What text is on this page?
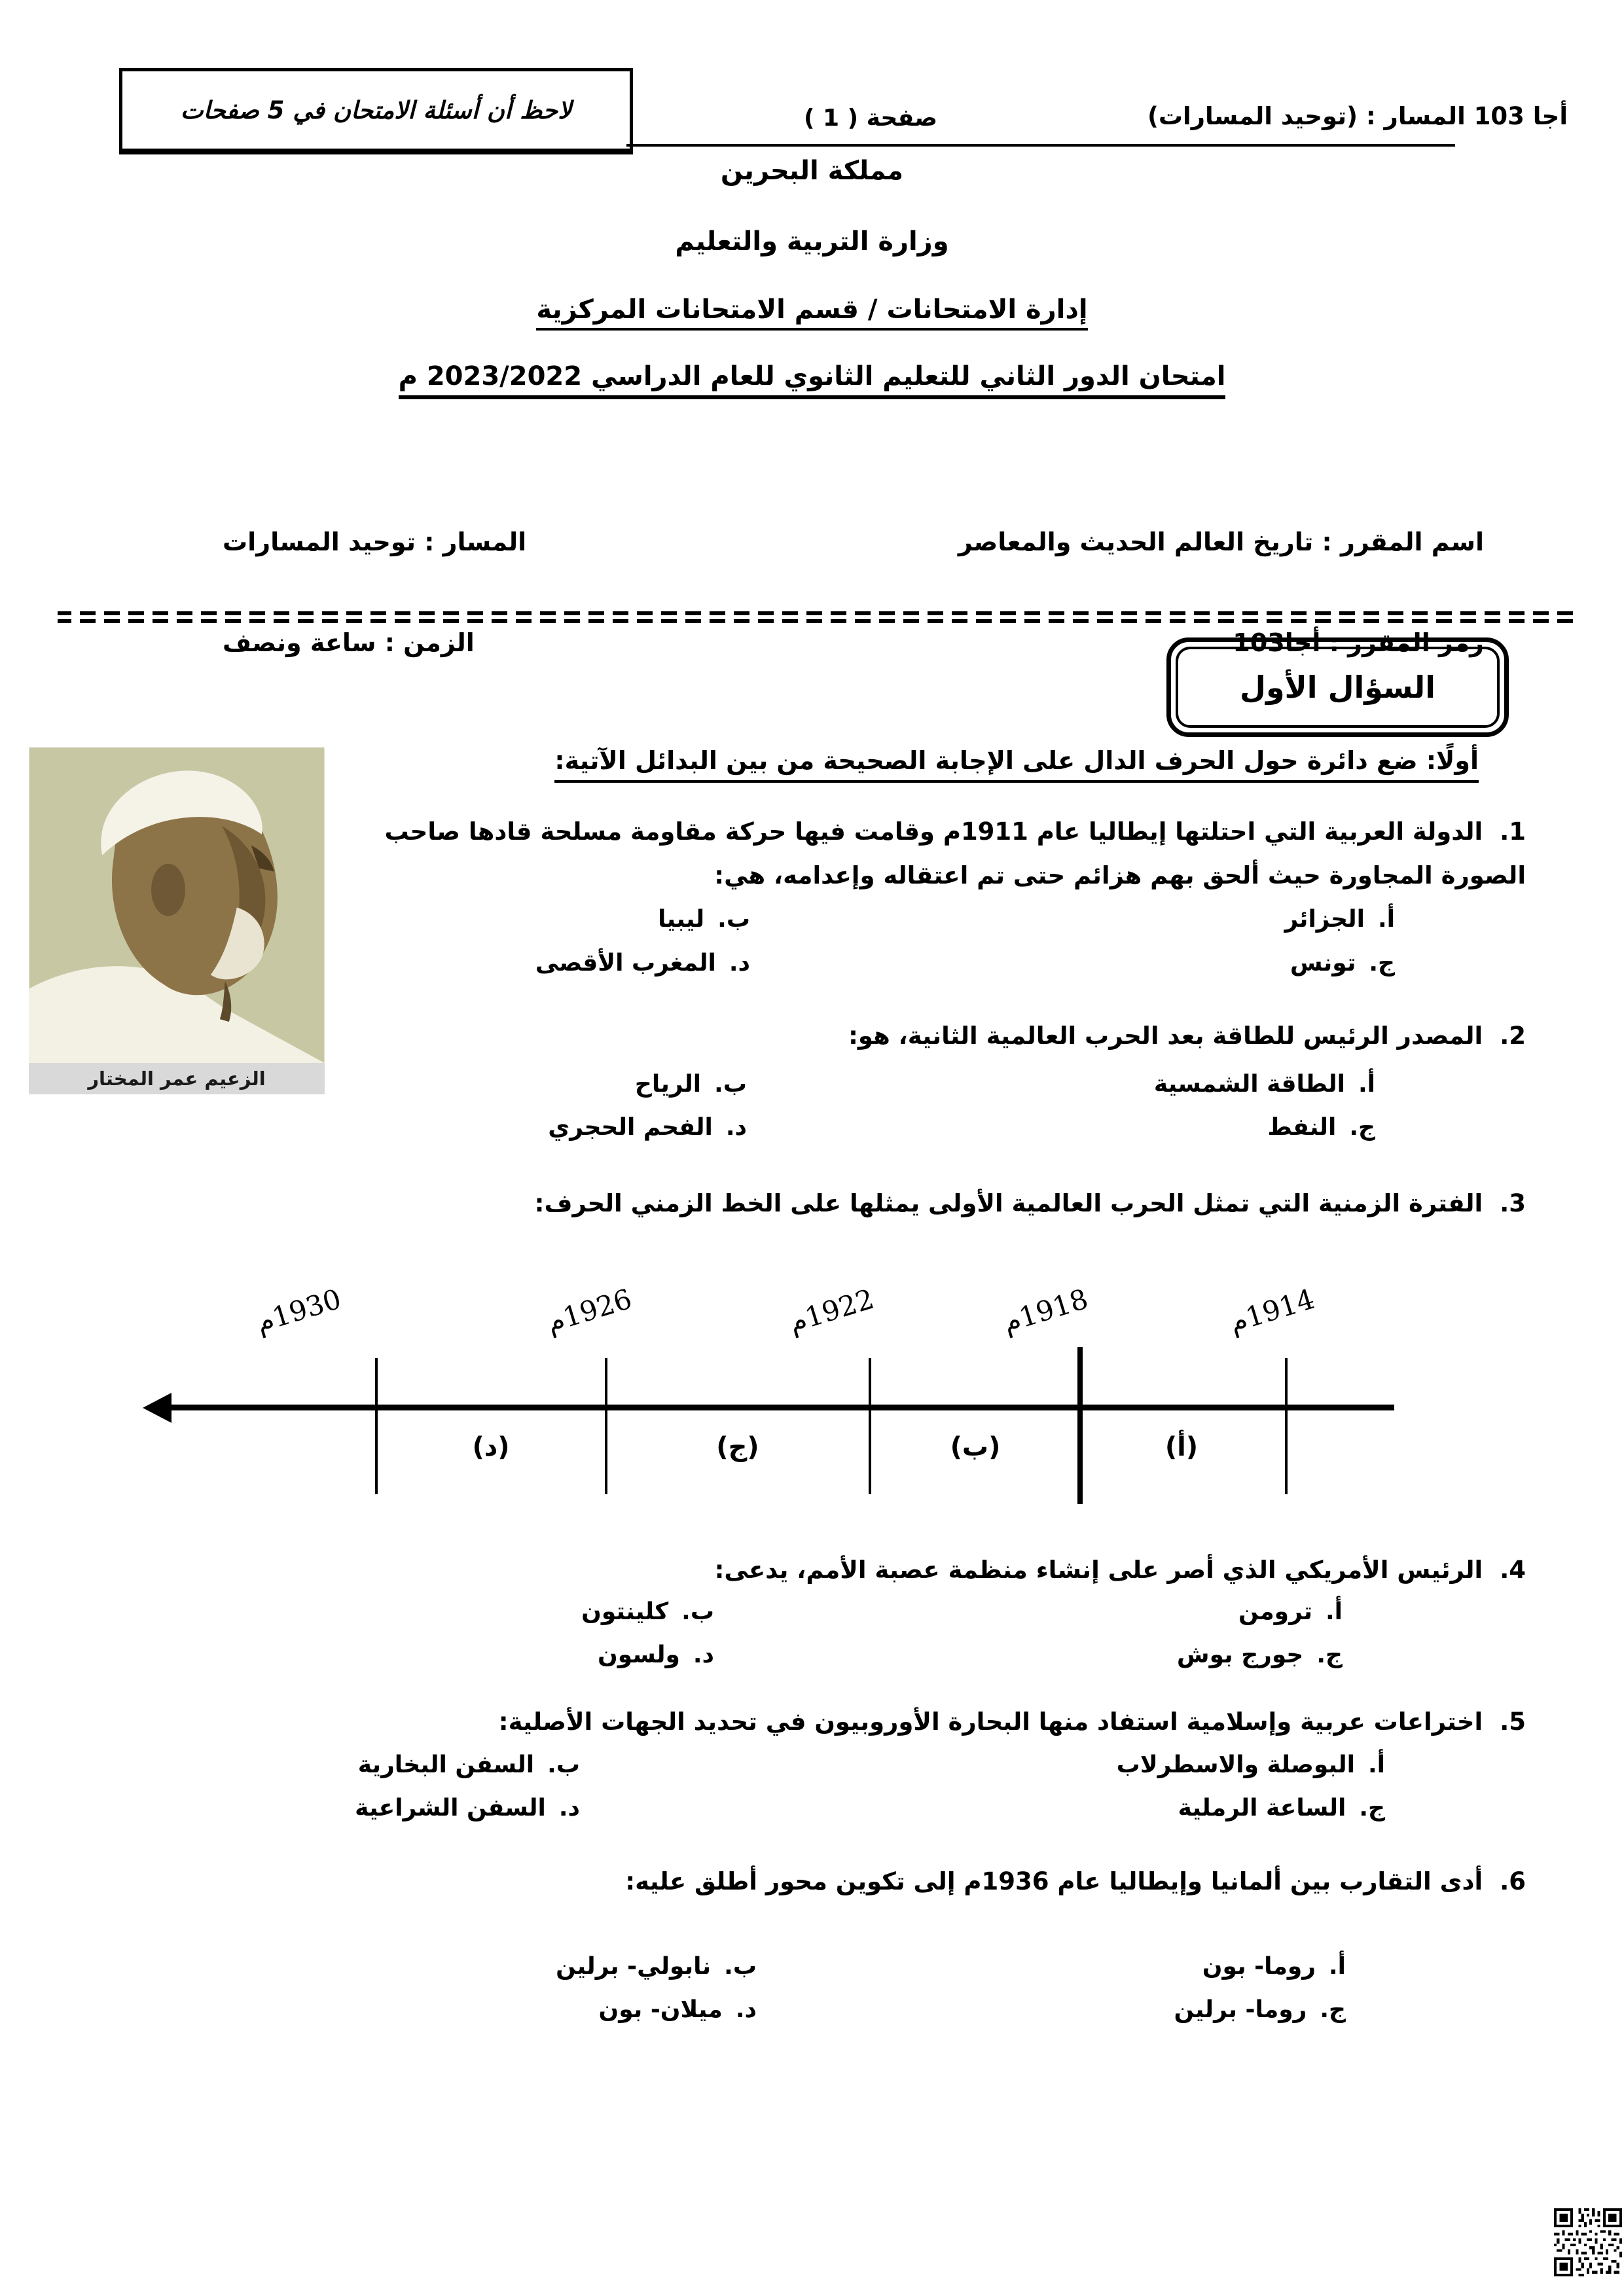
أجا 103 المسار : (توحيد المسارات)
صفحة ( 1 )
لاحظ أن أسئلة الامتحان في 5 صفحات
مملكة البحرين
وزارة التربية والتعليم
إدارة الامتحانات / قسم الامتحانات المركزية
امتحان الدور الثاني للتعليم الثانوي للعام الدراسي 2023/2022 م
اسم المقرر : تاريخ العالم الحديث والمعاصر
المسار : توحيد المسارات
رمز المقرر : أجا103
الزمن : ساعة ونصف
السؤال الأول
أولًا: ضع دائرة حول الحرف الدال على الإجابة الصحيحة من بين البدائل الآتية:
الزعيم عمر المختار

1.الدولة العربية التي احتلتها إيطاليا عام 1911م وقامت فيها حركة مقاومة مسلحة قادها صاحب الصورة المجاورة حيث ألحق بهم هزائم حتى تم اعتقاله وإعدامه، هي:

أ.الجزائر
ب.ليبيا
ج.تونس
د.المغرب الأقصى

2.المصدر الرئيس للطاقة بعد الحرب العالمية الثانية، هو:

أ.الطاقة الشمسية
ب.الرياح
ج.النفط
د.الفحم الحجري

3.الفترة الزمنية التي تمثل الحرب العالمية الأولى يمثلها على الخط الزمني الحرف:

1930م	1926م	1922م	1918م	1914م
(د)	(ج)	(ب)	(أ)

4.الرئيس الأمريكي الذي أصر على إنشاء منظمة عصبة الأمم، يدعى:

أ.ترومن
ب.كلينتون
ج.جورج بوش
د.ولسون

5.اختراعات عربية وإسلامية استفاد منها البحارة الأوروبيون في تحديد الجهات الأصلية:

أ.البوصلة والاسطرلاب
ب.السفن البخارية
ج.الساعة الرملية
د.السفن الشراعية

6.أدى التقارب بين ألمانيا وإيطاليا عام 1936م إلى تكوين محور أطلق عليه:

أ.روما- بون
ب.نابولي- برلين
ج.روما- برلين
د.ميلان- بون
